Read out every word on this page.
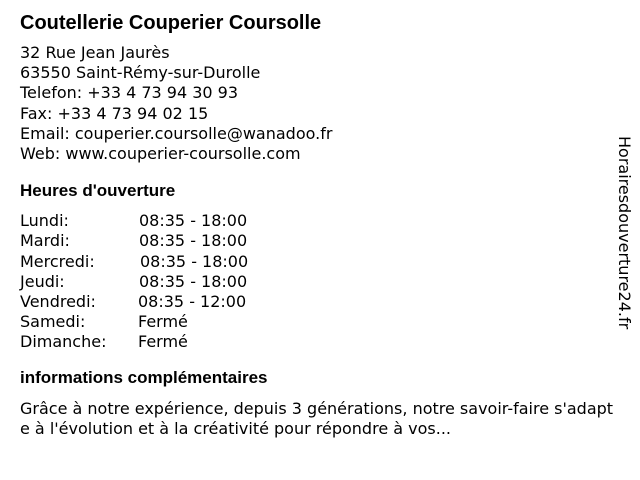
Coutellerie Couperier Coursolle
32 Rue Jean Jaurès
63550 Saint-Rémy-sur-Durolle
Telefon: +33 4 73 94 30 93
Fax: +33 4 73 94 02 15
Email: couperier.coursolle@wanadoo.fr
Web: www.couperier-coursolle.com
Heures d'ouverture
Lundi:	08:35 - 18:00
Mardi:	08:35 - 18:00
Mercredi:	08:35 - 18:00
Jeudi:	08:35 - 18:00
Vendredi:	08:35 - 12:00
Samedi:	Fermé
Dimanche: Fermé
informations complémentaires
Grâce à notre expérience, depuis 3 générations, notre savoir-faire s'adapte à l'évolution et à la créativité pour répondre à vos...
Horairesdouverture24.fr
